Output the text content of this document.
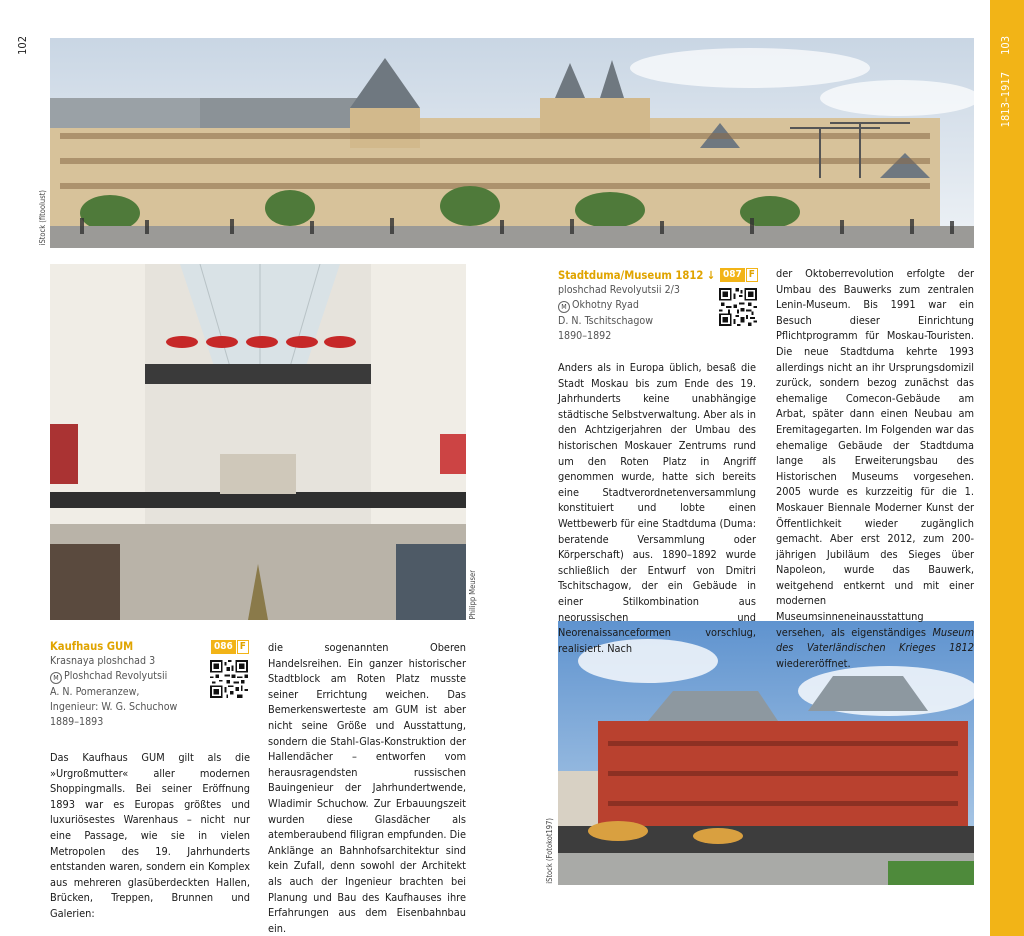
102	103
1813–1917
iStock (fitoolust)
Philipp Meuser
iStock (Fotokot197)
Kaufhaus GUM
Krasnaya ploshchad 3
M Ploshchad Revolyutsii
A. N. Pomeranzew,
Ingenieur: W. G. Schuchow
1889–1893
086 F

Das Kaufhaus GUM gilt als die »Urgroßmutter« aller modernen Shoppingmalls. Bei seiner Eröffnung 1893 war es Europas größtes und luxuriösestes Warenhaus – nicht nur eine Passage, wie sie in vielen Metropolen des 19. Jahrhunderts entstanden waren, sondern ein Komplex aus mehreren glasüberdeckten Hallen, Brücken, Treppen, Brunnen und Galerien:

die sogenannten Oberen Handelsreihen. Ein ganzer historischer Stadtblock am Roten Platz musste seiner Errichtung weichen. Das Bemerkenswerteste am GUM ist aber nicht seine Größe und Ausstattung, sondern die Stahl-Glas-Konstruktion der Hallendächer – entworfen vom herausragendsten russischen Bauingenieur der Jahrhundertwende, Wladimir Schuchow. Zur Erbauungszeit wurden diese Glasdächer als atemberaubend filigran empfunden. Die Anklänge an Bahnhofsarchitektur sind kein Zufall, denn sowohl der Architekt als auch der Ingenieur brachten bei Planung und Bau des Kaufhauses ihre Erfahrungen aus dem Eisenbahnbau ein.

Stadtduma/Museum 1812 ↓
ploshchad Revolyutsii 2/3
M Okhotny Ryad
D. N. Tschitschagow
1890–1892
087 F

Anders als in Europa üblich, besaß die Stadt Moskau bis zum Ende des 19. Jahrhunderts keine unabhängige städtische Selbstverwaltung. Aber als in den Achtzigerjahren der Umbau des historischen Moskauer Zentrums rund um den Roten Platz in Angriff genommen wurde, hatte sich bereits eine Stadtverordnetenversammlung konstituiert und lobte einen Wettbewerb für eine Stadtduma (Duma: beratende Versammlung oder Körperschaft) aus. 1890–1892 wurde schließlich der Entwurf von Dmitri Tschitschagow, der ein Gebäude in einer Stilkombination aus neorussischen und Neorenaissanceformen vorschlug, realisiert. Nach

der Oktoberrevolution erfolgte der Umbau des Bauwerks zum zentralen Lenin-Museum. Bis 1991 war ein Besuch dieser Einrichtung Pflichtprogramm für Moskau-Touristen. Die neue Stadtduma kehrte 1993 allerdings nicht an ihr Ursprungsdomizil zurück, sondern bezog zunächst das ehemalige Comecon-Gebäude am Arbat, später dann einen Neubau am Eremitagegarten. Im Folgenden war das ehemalige Gebäude der Stadtduma lange als Erweiterungsbau des Historischen Museums vorgesehen. 2005 wurde es kurzzeitig für die 1. Moskauer Biennale Moderner Kunst der Öffentlichkeit wieder zugänglich gemacht. Aber erst 2012, zum 200-jährigen Jubiläum des Sieges über Napoleon, wurde das Bauwerk, weitgehend entkernt und mit einer modernen Museumsinneneinausstattung versehen, als eigenständiges Museum des Vaterländischen Krieges 1812 wiedereröffnet.
